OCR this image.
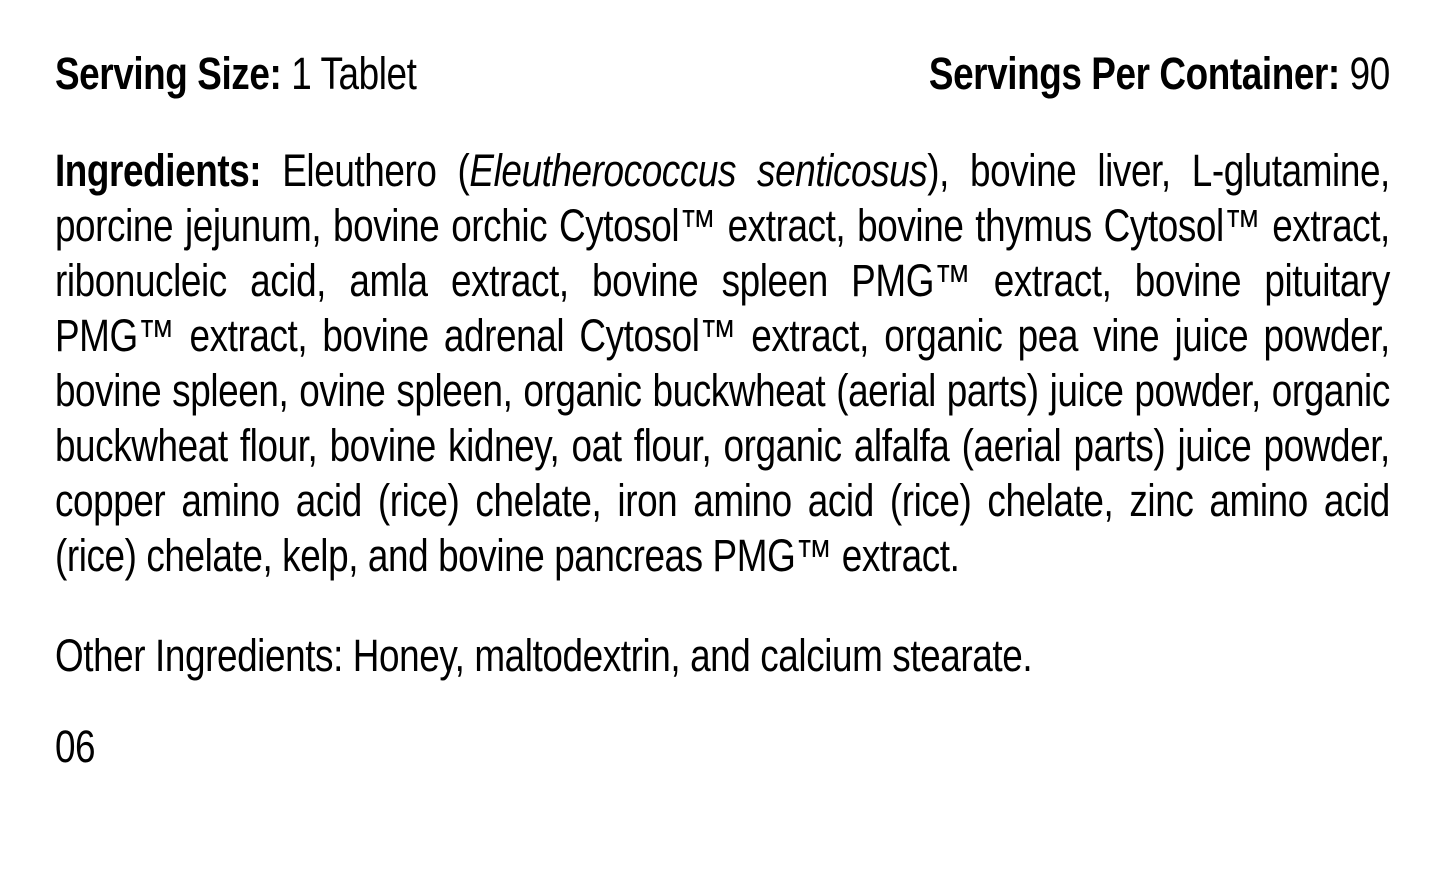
Serving Size: 1 Tablet	Servings Per Container: 90

Ingredients: Eleuthero (Eleutherococcus senticosus), bovine liver, L-glutamine, porcine jejunum, bovine orchic Cytosol™ extract, bovine thymus Cytosol™ extract, ribonucleic acid, amla extract, bovine spleen PMG™ extract, bovine pituitary PMG™ extract, bovine adrenal Cytosol™ extract, organic pea vine juice powder, bovine spleen, ovine spleen, organic buckwheat (aerial parts) juice powder, organic buckwheat flour, bovine kidney, oat flour, organic alfalfa (aerial parts) juice powder, copper amino acid (rice) chelate, iron amino acid (rice) chelate, zinc amino acid (rice) chelate, kelp, and bovine pancreas PMG™ extract.

Other Ingredients: Honey, maltodextrin, and calcium stearate.

06
